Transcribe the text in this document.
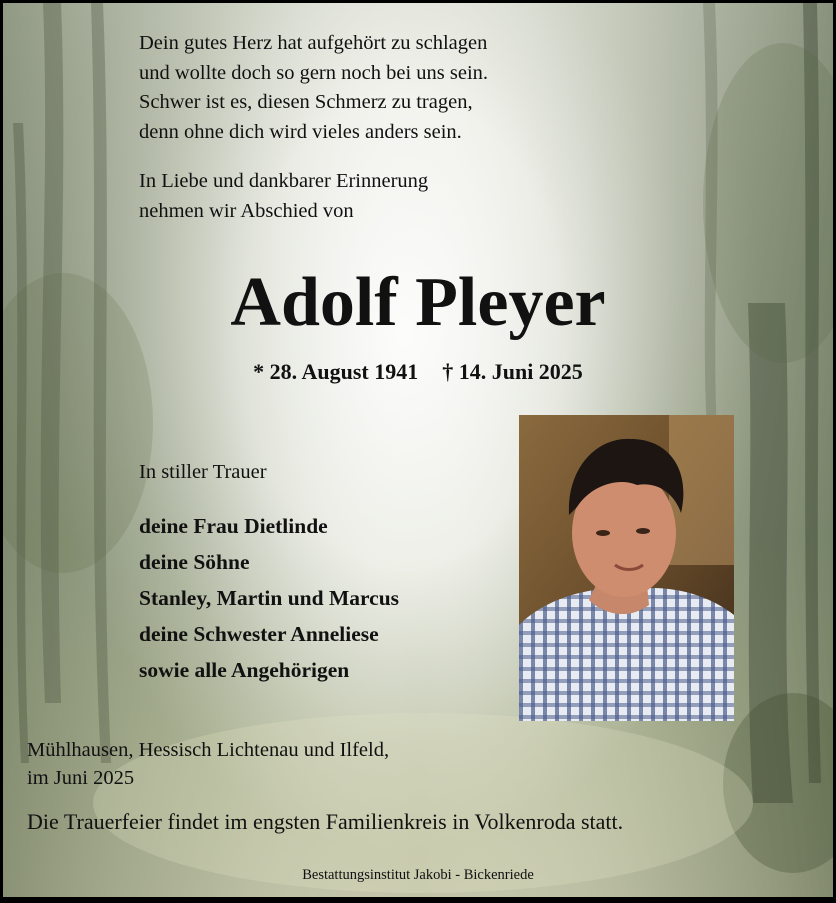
Dein gutes Herz hat aufgehört zu schlagen
und wollte doch so gern noch bei uns sein.
Schwer ist es, diesen Schmerz zu tragen,
denn ohne dich wird vieles anders sein.

In Liebe und dankbarer Erinnerung
nehmen wir Abschied von

Adolf Pleyer
* 28. August 1941 † 14. Juni 2025

In stiller Trauer

deine Frau Dietlinde
deine Söhne
Stanley, Martin und Marcus
deine Schwester Anneliese
sowie alle Angehörigen

Mühlhausen, Hessisch Lichtenau und Ilfeld,
im Juni 2025

Die Trauerfeier findet im engsten Familienkreis in Volkenroda statt.

Bestattungsinstitut Jakobi - Bickenriede
